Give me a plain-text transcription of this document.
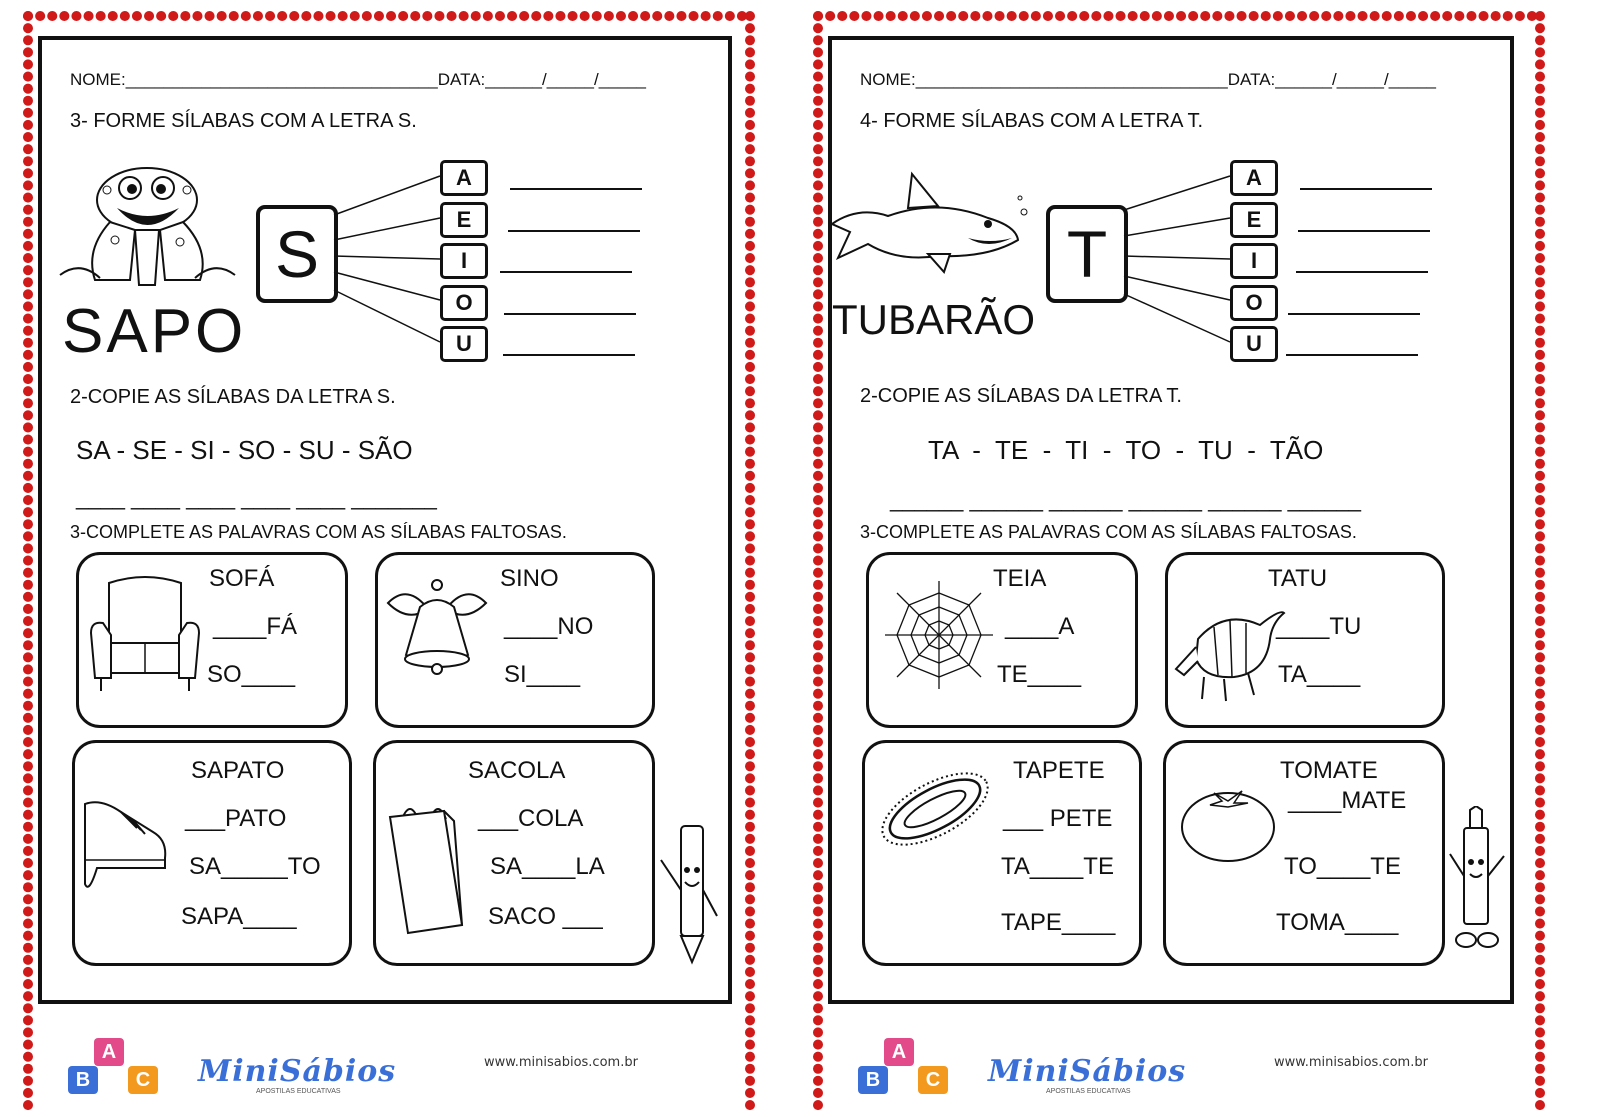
NOME:_________________________________DATA:______/_____/_____
3- FORME SÍLABAS COM A LETRA S.
SAPO
S
A
E
I
O
U
2-COPIE AS SÍLABAS DA LETRA S.
SA - SE - SI - SO - SU - SÃO
____ ____ ____ ____ ____ _______
3-COMPLETE AS PALAVRAS COM AS SÍLABAS FALTOSAS.
SOFÁ
____FÁ
SO____
SINO
____NO
SI____
SAPATO
___PATO
SA_____TO
SAPA____
SACOLA
___COLA
SA____LA
SACO ___
A
B	C MiniSábios
APOSTILAS EDUCATIVAS
www.minisabios.com.br
NOME:_________________________________DATA:______/_____/_____
4- FORME SÍLABAS COM A LETRA T.
TUBARÃO
T
A
E
I
O
U
2-COPIE AS SÍLABAS DA LETRA T.
TA  -  TE  -  TI  -  TO  -  TU  -  TÃO
______ ______ ______ ______ ______ ______
3-COMPLETE AS PALAVRAS COM AS SÍLABAS FALTOSAS.
TEIA
____A
TE____
TATU
____TU
TA____
TAPETE
___ PETE
TA____TE
TAPE____
TOMATE
____MATE
TO____TE
TOMA____
A
B	C MiniSábios
APOSTILAS EDUCATIVAS
www.minisabios.com.br
